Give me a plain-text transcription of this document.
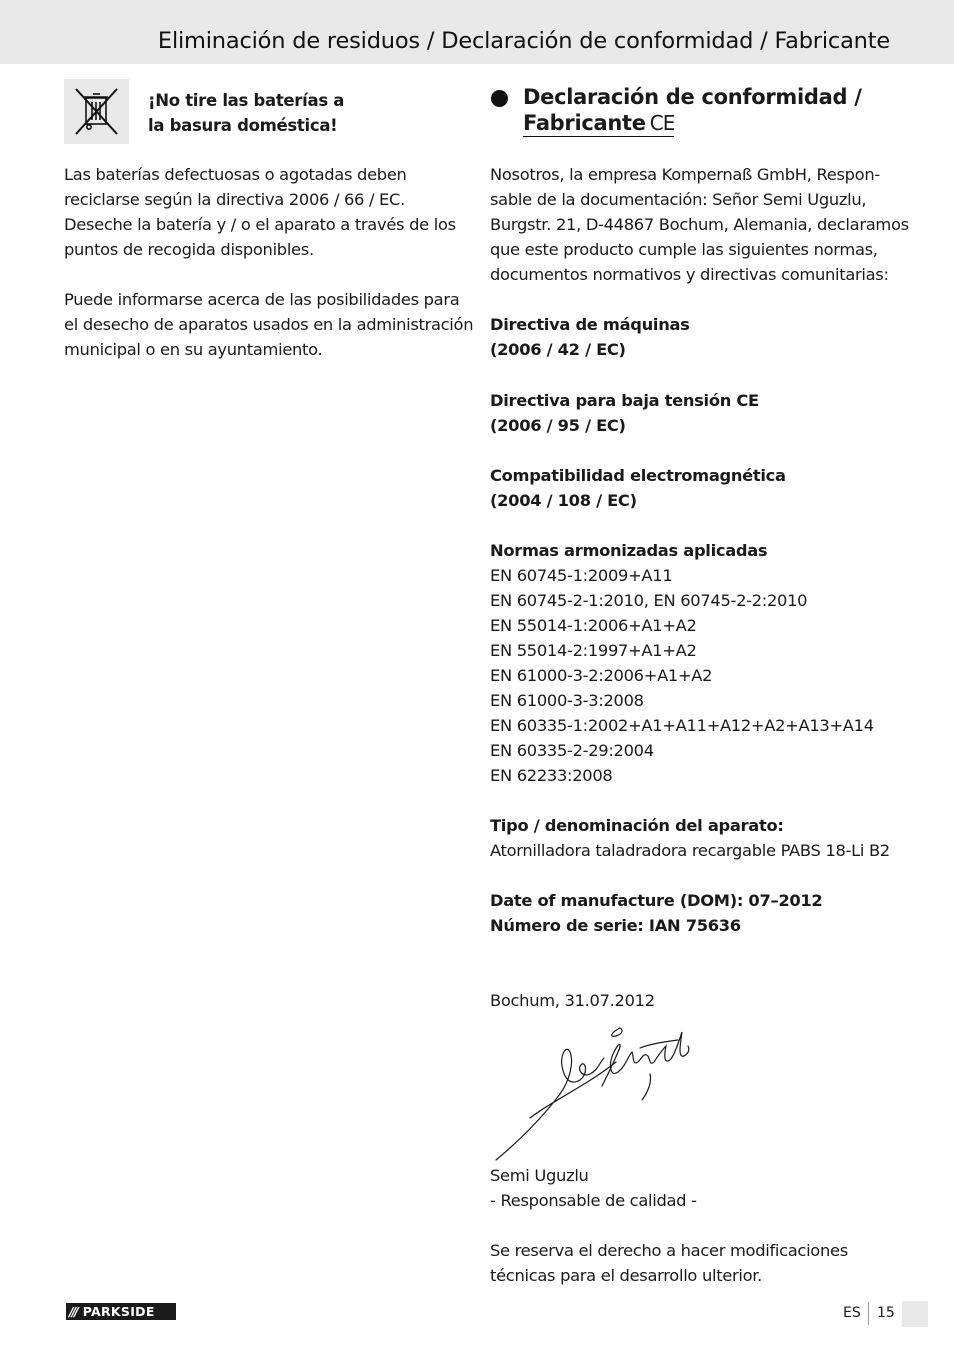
Eliminación de residuos / Declaración de conformidad / Fabricante
¡No tire las baterías a
la basura doméstica!
Las baterías defectuosas o agotadas deben
reciclarse según la directiva 2006 / 66 / EC.
Deseche la batería y / o el aparato a través de los
puntos de recogida disponibles.
Puede informarse acerca de las posibilidades para
el desecho de aparatos usados en la administración
municipal o en su ayuntamiento.
Declaración de conformidad /
Fabricante CE
Nosotros, la empresa Kompernaß GmbH, Respon-
sable de la documentación: Señor Semi Uguzlu,
Burgstr. 21, D-44867 Bochum, Alemania, declaramos
que este producto cumple las siguientes normas,
documentos normativos y directivas comunitarias:
Directiva de máquinas
(2006 / 42 / EC)
Directiva para baja tensión CE
(2006 / 95 / EC)
Compatibilidad electromagnética
(2004 / 108 / EC)
Normas armonizadas aplicadas
EN 60745-1:2009+A11
EN 60745-2-1:2010, EN 60745-2-2:2010
EN 55014-1:2006+A1+A2
EN 55014-2:1997+A1+A2
EN 61000-3-2:2006+A1+A2
EN 61000-3-3:2008
EN 60335-1:2002+A1+A11+A12+A2+A13+A14
EN 60335-2-29:2004
EN 62233:2008
Tipo / denominación del aparato:
Atornilladora taladradora recargable PABS 18-Li B2
Date of manufacture (DOM): 07–2012
Número de serie: IAN 75636
Bochum, 31.07.2012
Semi Uguzlu
- Responsable de calidad -
Se reserva el derecho a hacer modificaciones
técnicas para el desarrollo ulterior.
/// PARKSIDE	ES 15
